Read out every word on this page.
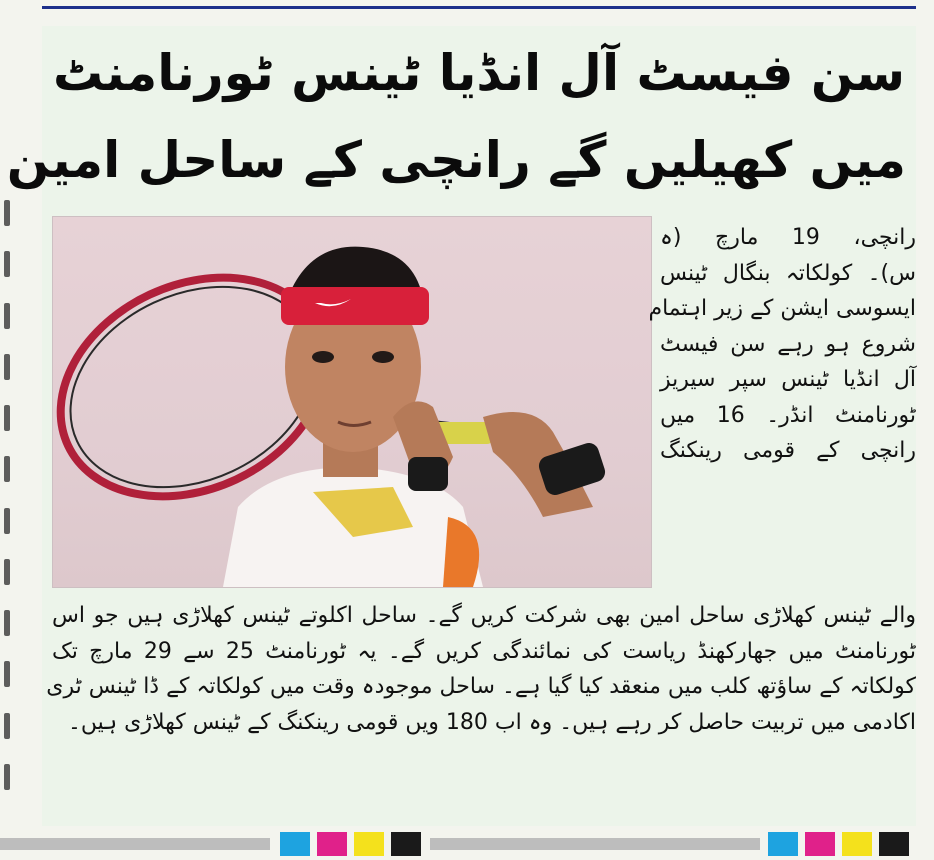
سن فیسٹ آل انڈیا ٹینس ٹورنامنٹ
میں کھیلیں گے رانچی کے ساحل امین
رانچی، 19 مارچ (ہ
س)۔ کولکاتہ بنگال ٹینس
ایسوسی ایشن کے زیر اہتمام
شروع ہو رہے سن فیسٹ
آل انڈیا ٹینس سپر سیریز
ٹورنامنٹ انڈر۔ 16 میں
رانچی کے قومی رینکنگ
والے ٹینس کھلاڑی ساحل امین بھی شرکت کریں گے۔ ساحل اکلوتے ٹینس کھلاڑی ہیں جو اس
ٹورنامنٹ میں جھارکھنڈ ریاست کی نمائندگی کریں گے۔ یہ ٹورنامنٹ 25 سے 29 مارچ تک
کولکاتہ کے ساؤتھ کلب میں منعقد کیا گیا ہے۔ ساحل موجودہ وقت میں کولکاتہ کے ڈا ٹینس ٹری
اکادمی میں تربیت حاصل کر رہے ہیں۔ وہ اب 180 ویں قومی رینکنگ کے ٹینس کھلاڑی ہیں۔
